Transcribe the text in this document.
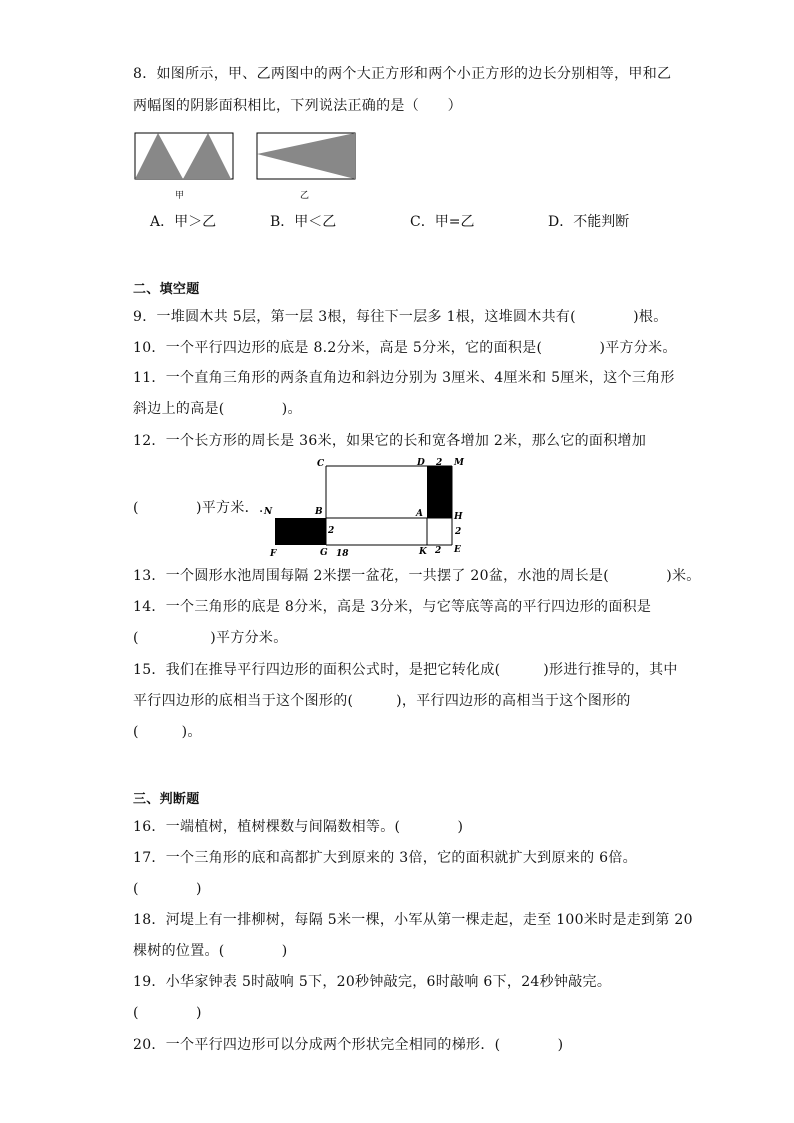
8．如图所示，甲、乙两图中的两个大正方形和两个小正方形的边长分别相等，甲和乙
两幅图的阴影面积相比，下列说法正确的是（　　）
甲	乙
A．甲＞乙	B．甲＜乙	C．甲=乙	D．不能判断
二、填空题
9．一堆圆木共 5层，第一层 3根，每往下一层多 1根，这堆圆木共有(　　　　)根。
10．一个平行四边形的底是 8.2分米，高是 5分米，它的面积是(　　　　)平方分米。
11．一个直角三角形的两条直角边和斜边分别为 3厘米、4厘米和 5厘米，这个三角形
斜边上的高是(　　　　)。
12．一个长方形的周长是 36米，如果它的长和宽各增加 2米，那么它的面积增加
(　　　　)平方米．.
C	D 2 M
N	B
2
A	H
2
F	G 18	K 2 E
13．一个圆形水池周围每隔 2米摆一盆花，一共摆了 20盆，水池的周长是(　　　　)米。
14．一个三角形的底是 8分米，高是 3分米，与它等底等高的平行四边形的面积是
(　　　　　)平方分米。
15．我们在推导平行四边形的面积公式时，是把它转化成(　　　)形进行推导的，其中
平行四边形的底相当于这个图形的(　　　)，平行四边形的高相当于这个图形的
(　　　)。
三、判断题
16．一端植树，植树棵数与间隔数相等。(　　　　)
17．一个三角形的底和高都扩大到原来的 3倍，它的面积就扩大到原来的 6倍。
(　　　　)
18．河堤上有一排柳树，每隔 5米一棵，小军从第一棵走起，走至 100米时是走到第 20
棵树的位置。(　　　　)
19．小华家钟表 5时敲响 5下，20秒钟敲完，6时敲响 6下，24秒钟敲完。
(　　　　)
20．一个平行四边形可以分成两个形状完全相同的梯形．(　　　　)
